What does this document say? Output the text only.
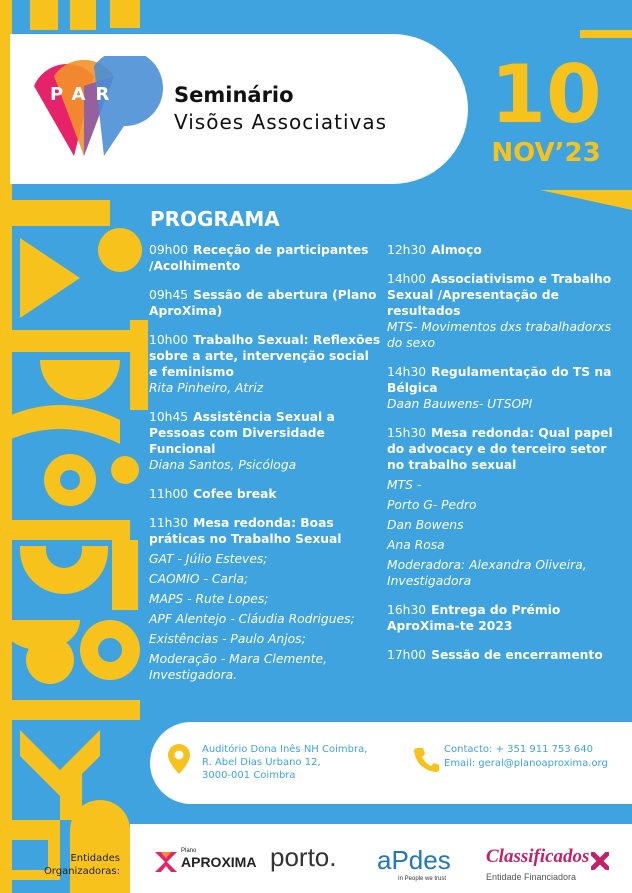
PAR	Seminário
Visões Associativas 10
NOV’23
PROGRAMA
09h00 Receção de participantes /Acolhimento
09h45 Sessão de abertura (Plano AproXima)
10h00 Trabalho Sexual: Reflexões sobre a arte, intervenção social e feminismo
Rita Pinheiro, Atriz
10h45 Assistência Sexual a Pessoas com Diversidade Funcional
Diana Santos, Psicóloga
11h00 Cofee break
11h30 Mesa redonda: Boas práticas no Trabalho Sexual
GAT - Júlio Esteves;
CAOMIO - Carla;
MAPS - Rute Lopes;
APF Alentejo - Cláudia Rodrigues;
Existências - Paulo Anjos;
Moderação - Mara Clemente, Investigadora.
12h30 Almoço
14h00 Associativismo e Trabalho Sexual /Apresentação de resultados
MTS- Movimentos dxs trabalhadorxs do sexo
14h30 Regulamentação do TS na Bélgica
Daan Bauwens- UTSOPI
15h30 Mesa redonda: Qual papel do advocacy e do terceiro setor no trabalho sexual
MTS -
Porto G- Pedro
Dan Bowens
Ana Rosa
Moderadora: Alexandra Oliveira, Investigadora
16h30 Entrega do Prémio AproXima-te 2023
17h00 Sessão de encerramento
Auditório Dona Inês NH Coimbra,
R. Abel Dias Urbano 12,
3000-001 Coimbra
Contacto: + 351 911 753 640
Email: geral@planoaproxima.org
Entidades
Organizadoras:
Plano
APROXIMA porto. aPdes
In People we trust
Classificados
Entidade Financiadora
